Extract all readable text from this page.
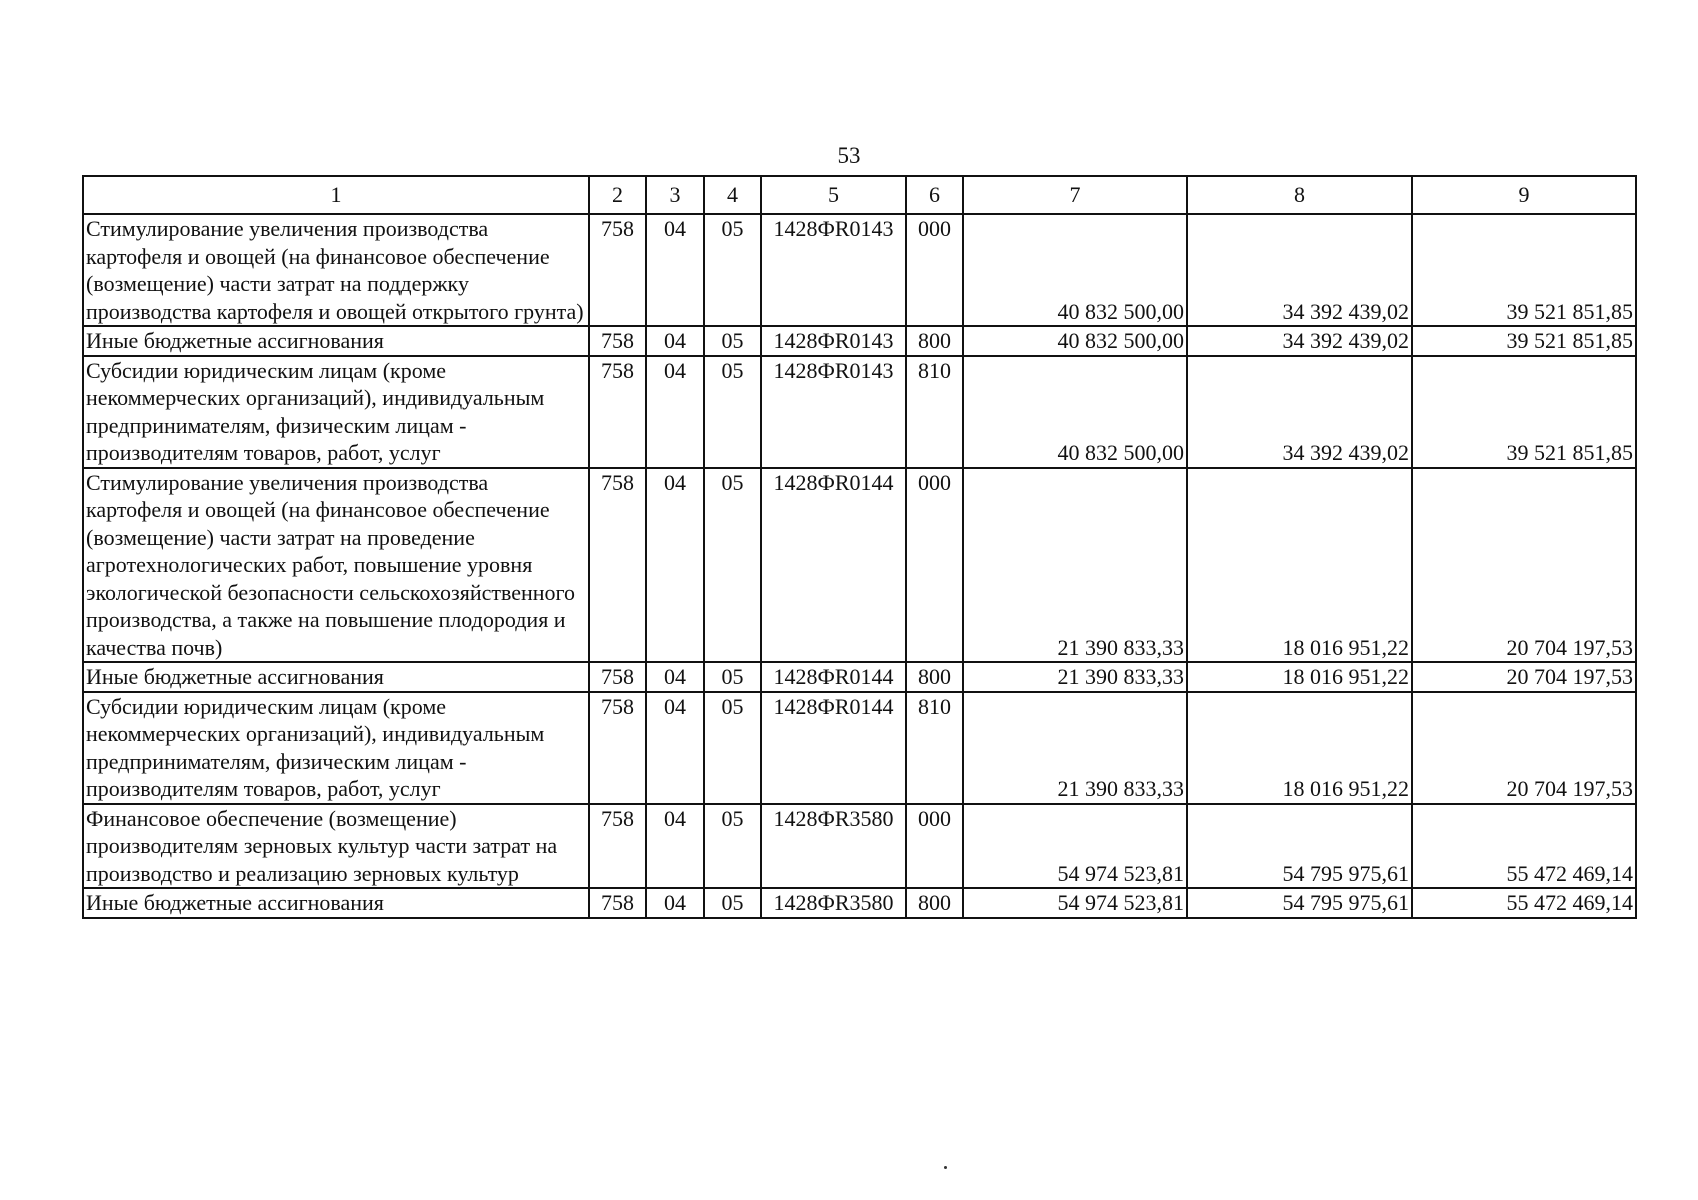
53
1	2	3	4	5	6	7	8	9
Стимулирование увеличения производства картофеля и овощей (на финансовое обеспечение (возмещение) части затрат на поддержку производства картофеля и овощей открытого грунта)	758	04	05	1428ФR0143	000	40 832 500,00	34 392 439,02	39 521 851,85
Иные бюджетные ассигнования	758	04	05	1428ФR0143	800	40 832 500,00	34 392 439,02	39 521 851,85
Субсидии юридическим лицам (кроме некоммерческих организаций), индивидуальным предпринимателям, физическим лицам - производителям товаров, работ, услуг	758	04	05	1428ФR0143	810	40 832 500,00	34 392 439,02	39 521 851,85
Стимулирование увеличения производства картофеля и овощей (на финансовое обеспечение (возмещение) части затрат на проведение агротехнологических работ, повышение уровня экологической безопасности сельскохозяйственного производства, а также на повышение плодородия и качества почв)	758	04	05	1428ФR0144	000	21 390 833,33	18 016 951,22	20 704 197,53
Иные бюджетные ассигнования	758	04	05	1428ФR0144	800	21 390 833,33	18 016 951,22	20 704 197,53
Субсидии юридическим лицам (кроме некоммерческих организаций), индивидуальным предпринимателям, физическим лицам - производителям товаров, работ, услуг	758	04	05	1428ФR0144	810	21 390 833,33	18 016 951,22	20 704 197,53
Финансовое обеспечение (возмещение) производителям зерновых культур части затрат на производство и реализацию зерновых культур	758	04	05	1428ФR3580	000	54 974 523,81	54 795 975,61	55 472 469,14
Иные бюджетные ассигнования	758	04	05	1428ФR3580	800	54 974 523,81	54 795 975,61	55 472 469,14
